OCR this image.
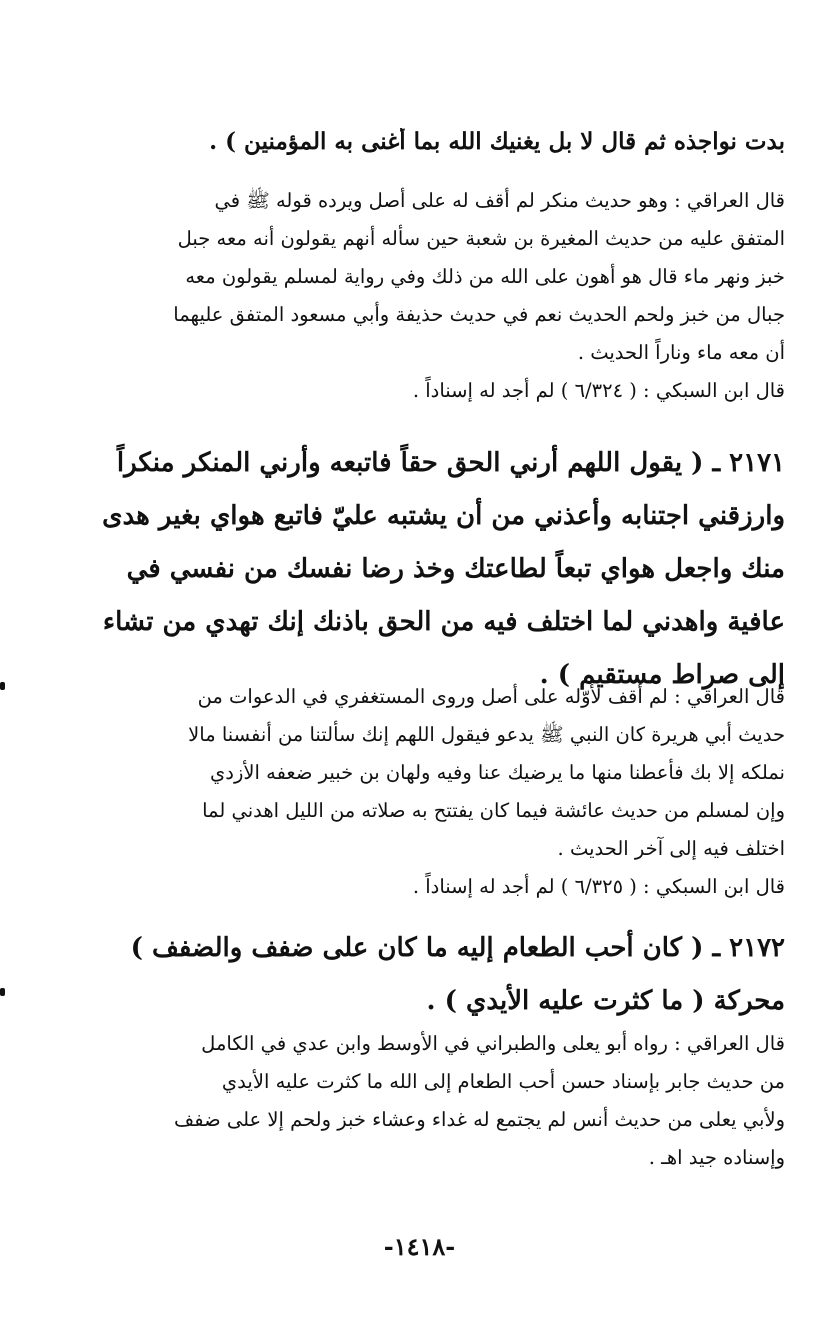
بدت نواجذه ثم قال لا بل يغنيك الله بما أغنى به المؤمنين ) .
قال العراقي : وهو حديث منكر لم أقف له على أصل ويرده قوله ﷺ في
المتفق عليه من حديث المغيرة بن شعبة حين سأله أنهم يقولون أنه معه جبل
خبز ونهر ماء قال هو أهون على الله من ذلك وفي رواية لمسلم يقولون معه
جبال من خبز ولحم الحديث نعم في حديث حذيفة وأبي مسعود المتفق عليهما
أن معه ماء وناراً الحديث .
قال ابن السبكي : ( ٦/٣٢٤ ) لم أجد له إسناداً .
٢١٧١ ـ ( يقول اللهم أرني الحق حقاً فاتبعه وأرني المنكر منكراً
وارزقني اجتنابه وأعذني من أن يشتبه عليّ فاتبع هواي بغير هدى
منك واجعل هواي تبعاً لطاعتك وخذ رضا نفسك من نفسي في
عافية واهدني لما اختلف فيه من الحق باذنك إنك تهدي من تشاء
إلى صراط مستقيم ) .
قال العراقي : لم أقف لأوّله على أصل وروى المستغفري في الدعوات من
حديث أبي هريرة كان النبي ﷺ يدعو فيقول اللهم إنك سألتنا من أنفسنا مالا
نملكه إلا بك فأعطنا منها ما يرضيك عنا وفيه ولهان بن خبير ضعفه الأزدي
وإن لمسلم من حديث عائشة فيما كان يفتتح به صلاته من الليل اهدني لما
اختلف فيه إلى آخر الحديث .
قال ابن السبكي : ( ٦/٣٢٥ ) لم أجد له إسناداً .
٢١٧٢ ـ ( كان أحب الطعام إليه ما كان على ضفف والضفف )
محركة ( ما كثرت عليه الأيدي ) .
قال العراقي : رواه أبو يعلى والطبراني في الأوسط وابن عدي في الكامل
من حديث جابر بإسناد حسن أحب الطعام إلى الله ما كثرت عليه الأيدي
ولأبي يعلى من حديث أنس لم يجتمع له غداء وعشاء خبز ولحم إلا على ضفف
وإسناده جيد اهـ .
-١٤١٨-
